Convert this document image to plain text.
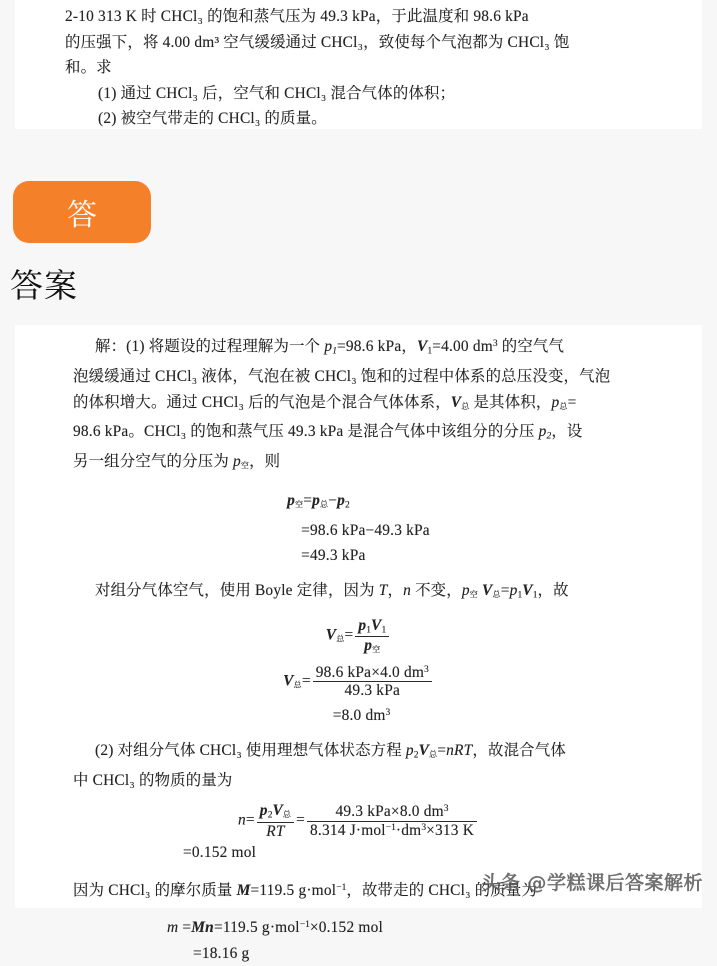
2-10 313 K 时 CHCl₃ 的饱和蒸气压为 49.3 kPa，于此温度和 98.6 kPa
的压强下，将 4.00 dm³ 空气缓缓通过 CHCl₃，致使每个气泡都为 CHCl₃ 饱
和。求
(1) 通过 CHCl₃ 后，空气和 CHCl₃ 混合气体的体积；
(2) 被空气带走的 CHCl₃ 的质量。
答
答案
解：(1) 将题设的过程理解为一个 $p_1=98.6$ kPa，$V_1=4.00$ $dm^3$ 的空气气
泡缓缓通过 CHCl₃ 液体，气泡在被 CHCl₃ 饱和的过程中体系的总压没变，气泡
的体积增大。通过 CHCl₃ 后的气泡是个混合气体体系，V总 是其体积，p总=
98.6 kPa。CHCl₃ 的饱和蒸气压 49.3 kPa 是混合气体中该组分的分压 $p_2$，设
另一组分空气的分压为 p空，则
p空=p总$-p_2$
=98.6 kPa−49.3 kPa
=49.3 kPa
对组分气体空气，使用 Boyle 定律，因为 T，n 不变，p空 V总$=p_1V_1$，故
V总= $\frac{p_1V_1}{\text{p空}}$
V总= $\frac{98.6 kPa\times 4.0 dm^3}{\text{49.3 kPa}}$
=8.0 $dm^3$
(2) 对组分气体 CHCl₃ 使用理想气体状态方程 $p_2V$总=nRT，故混合气体
中 CHCl₃ 的物质的量为
$n= \frac{p_2V总}{RT} = \frac{49.3 kPa\times 8.0 dm^3}{8.314 J\cdot mol^{-1}\cdot dm^3\times 313 K}$
=0.152 mol
因为 CHCl₃ 的摩尔质量 M=119.5 g·mol$^{-1}$，故带走的 CHCl₃ 的质量为
m =Mn=119.5 g·mol$^{-1}$×0.152 mol
=18.16 g
头条 @学糕课后答案解析
